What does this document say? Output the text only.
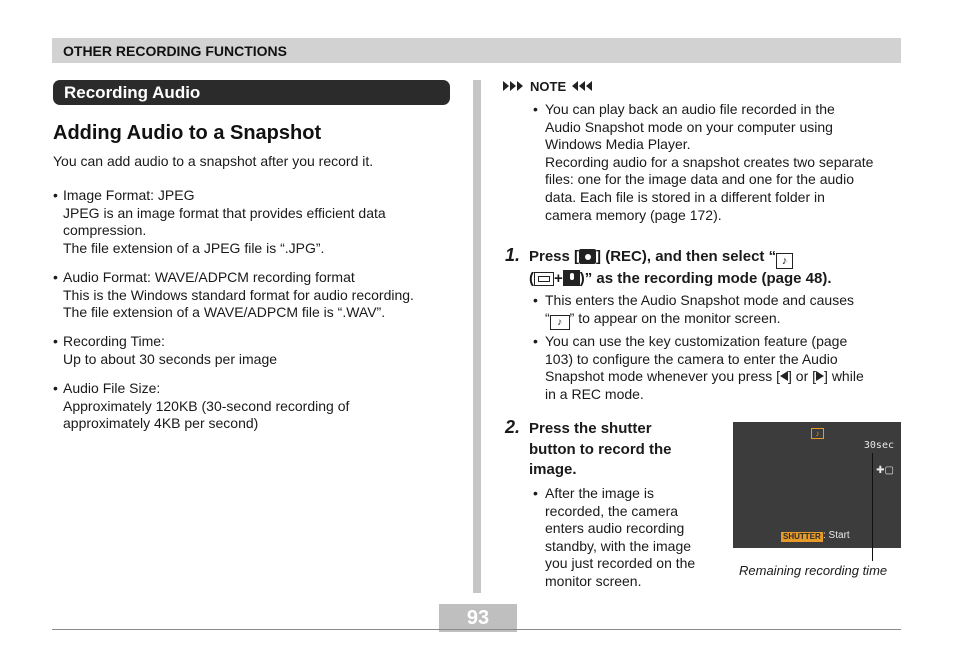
OTHER RECORDING FUNCTIONS
Recording Audio
Adding Audio to a Snapshot
You can add audio to a snapshot after you record it.
• Image Format: JPEG
JPEG is an image format that provides efficient data
compression.
The file extension of a JPEG file is “.JPG”.
• Audio Format: WAVE/ADPCM recording format
This is the Windows standard format for audio recording.
The file extension of a WAVE/ADPCM file is “.WAV”.
• Recording Time:
Up to about 30 seconds per image
• Audio File Size:
Approximately 120KB (30-second recording of
approximately 4KB per second)
NOTE
• You can play back an audio file recorded in the
Audio Snapshot mode on your computer using
Windows Media Player.
Recording audio for a snapshot creates two separate
files: one for the image data and one for the audio
data. Each file is stored in a different folder in
camera memory (page 172).
1. Press [ ] (REC), and then select “ ♪
( + )” as the recording mode (page 48).
• This enters the Audio Snapshot mode and causes
“ ♪ ” to appear on the monitor screen.
• You can use the key customization feature (page
103) to configure the camera to enter the Audio
Snapshot mode whenever you press [ ] or [ ] while
in a REC mode.
2. Press the shutter
button to record the
image.
• After the image is
recorded, the camera
enters audio recording
standby, with the image
you just recorded on the
monitor screen.
♪
30sec
✚▢
SHUTTER : Start
Remaining recording time
93
